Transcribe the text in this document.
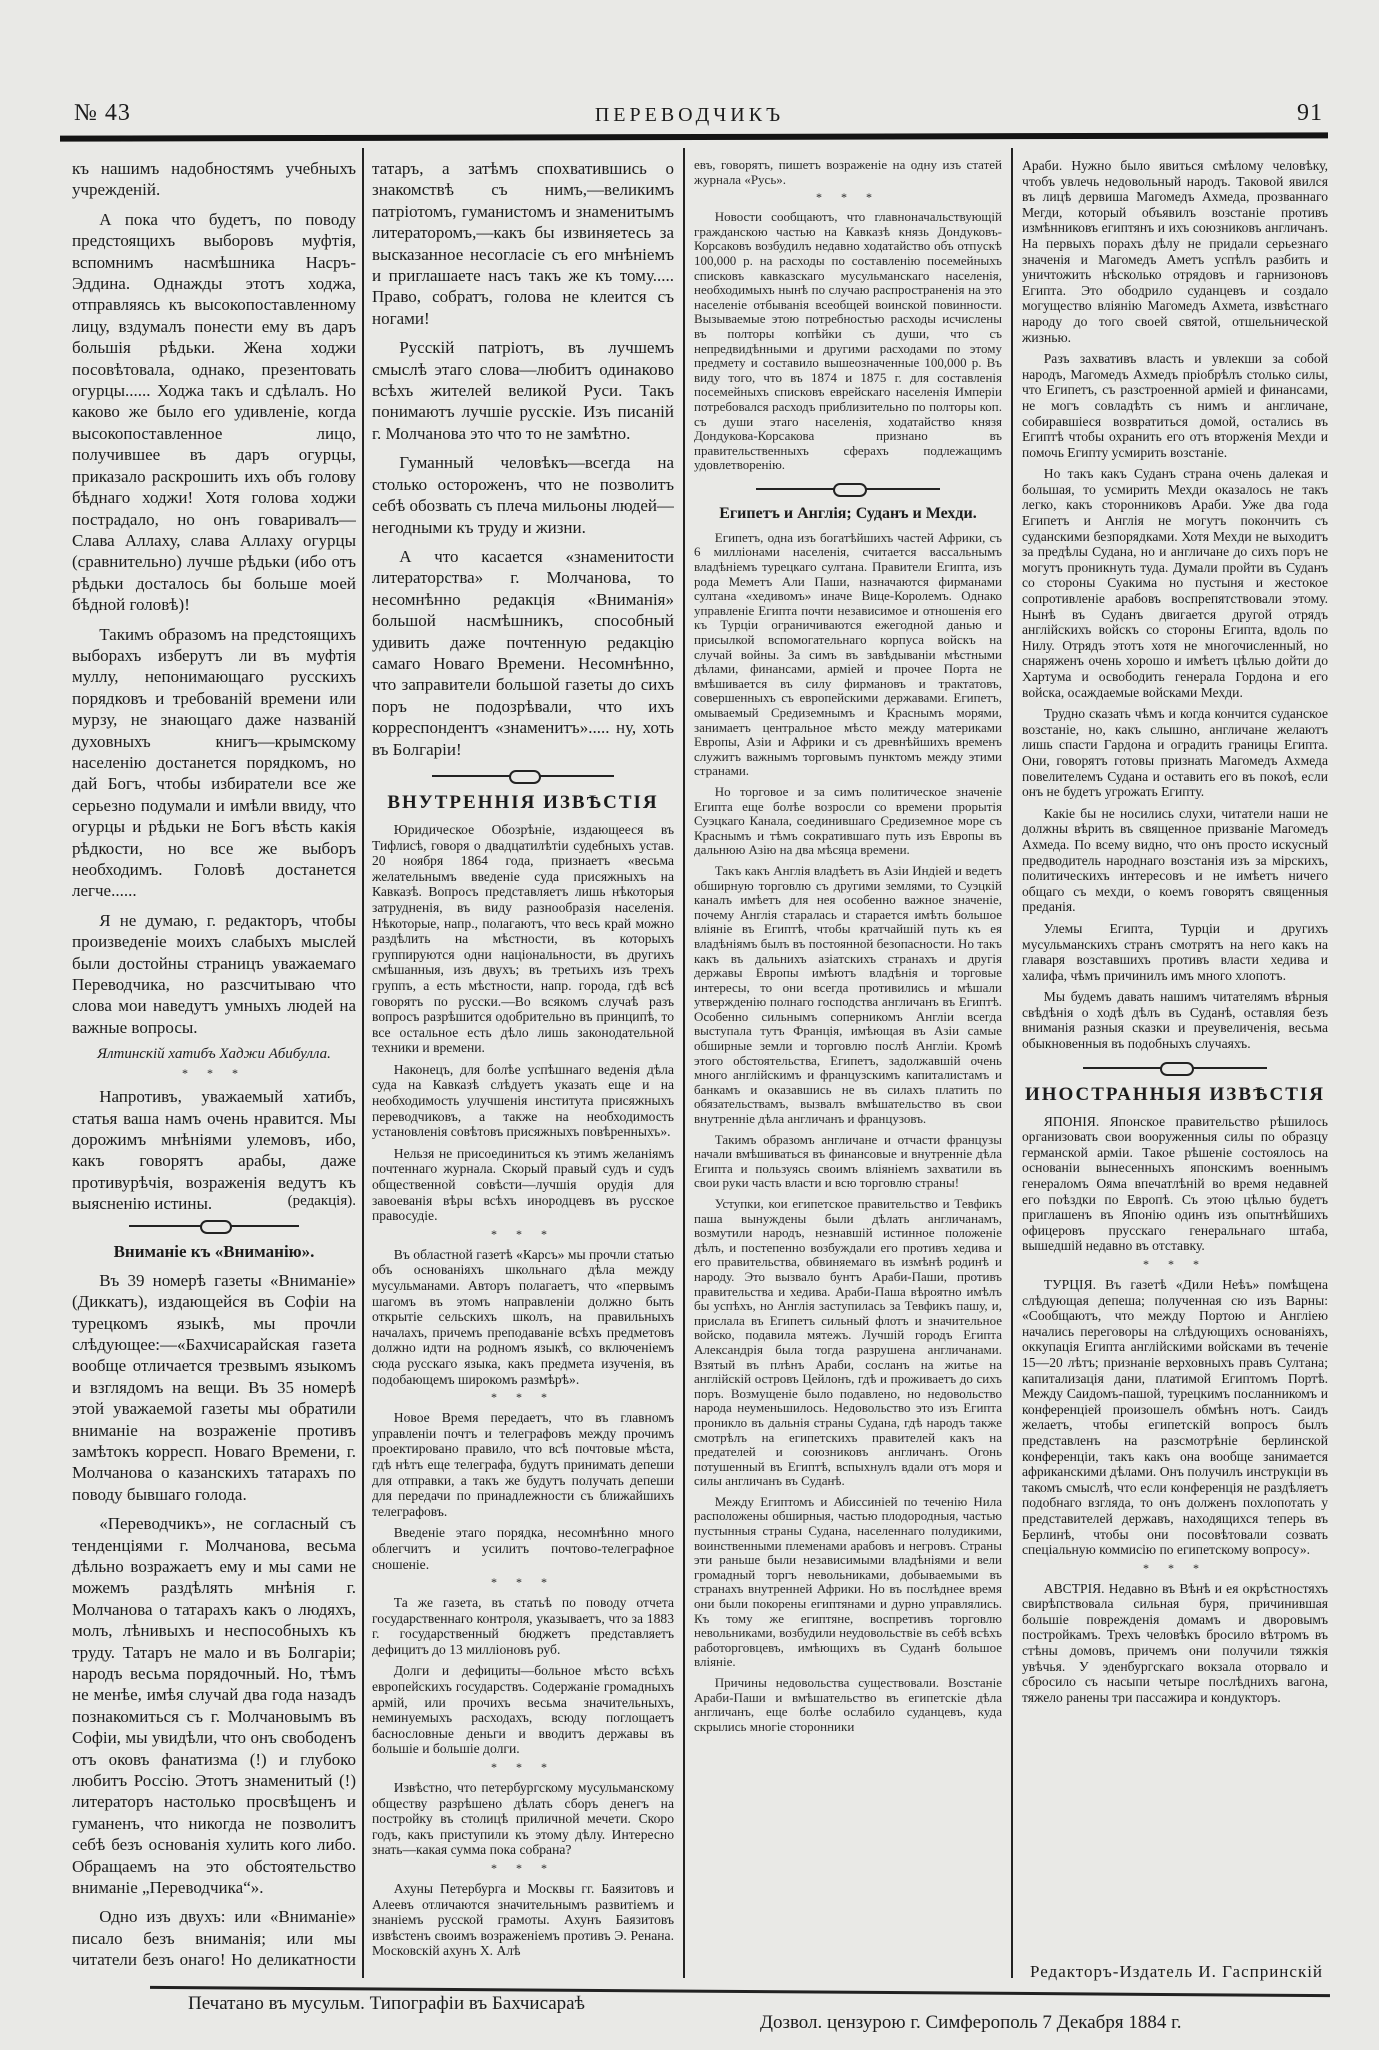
№ 43	ПЕРЕВОДЧИКЪ	91

къ нашимъ надобностямъ учебныхъ учрежденій.

А пока что будетъ, по поводу предстоящихъ выборовъ муфтія, вспомнимъ насмѣшника Насръ-Эддина. Однажды этотъ ходжа, отправляясь къ высокопоставленному лицу, вздумалъ понести ему въ даръ большія рѣдьки. Жена ходжи посовѣтовала, однако, презентовать огурцы...... Ходжа такъ и сдѣлалъ. Но каково же было его удивленіе, когда высокопоставленное лицо, получившее въ даръ огурцы, приказало раскрошить ихъ объ голову бѣднаго ходжи! Хотя голова ходжи пострадало, но онъ говаривалъ—Слава Аллаху, слава Аллаху огурцы (сравнительно) лучше рѣдьки (ибо отъ рѣдьки досталось бы больше моей бѣдной головѣ)!

Такимъ образомъ на предстоящихъ выборахъ изберутъ ли въ муфтія муллу, непонимающаго русскихъ порядковъ и требованій времени или мурзу, не знающаго даже названій духовныхъ книгъ—крымскому населенію достанется порядкомъ, но дай Богъ, чтобы избиратели все же серьезно подумали и имѣли ввиду, что огурцы и рѣдьки не Богъ вѣсть какія рѣдкости, но все же выборъ необходимъ. Головѣ достанется легче......

Я не думаю, г. редакторъ, чтобы произведеніе моихъ слабыхъ мыслей были достойны страницъ уважаемаго Переводчика, но разсчитываю что слова мои наведутъ умныхъ людей на важные вопросы.

Ялтинскій хатибъ Хаджи Абибулла.
* * *

Напротивъ, уважаемый хатибъ, статья ваша намъ очень нравится. Мы дорожимъ мнѣніями улемовъ, ибо, какъ говорятъ арабы, даже противурѣчія, возраженія ведутъ къ выясненію истины.	(редакція).
Вниманіе къ «Вниманію».

Въ 39 номерѣ газеты «Вниманіе» (Диккатъ), издающейся въ Софіи на турецкомъ языкѣ, мы прочли слѣдующее:—«Бахчисарайская газета вообще отличается трезвымъ языкомъ и взглядомъ на вещи. Въ 35 номерѣ этой уважаемой газеты мы обратили вниманіе на возраженіе противъ замѣтокъ корресп. Новаго Времени, г. Молчанова о казанскихъ татарахъ по поводу бывшаго голода.

«Переводчикъ», не согласный съ тенденціями г. Молчанова, весьма дѣльно возражаетъ ему и мы сами не можемъ раздѣлять мнѣнія г. Молчанова о татарахъ какъ о людяхъ, молъ, лѣнивыхъ и неспособныхъ къ труду. Татаръ не мало и въ Болгаріи; народъ весьма порядочный. Но, тѣмъ не менѣе, имѣя случай два года назадъ познакомиться съ г. Молчановымъ въ Софіи, мы увидѣли, что онъ свободенъ отъ оковъ фанатизма (!) и глубоко любитъ Россію. Этотъ знаменитый (!) литераторъ настолько просвѣщенъ и гуманенъ, что никогда не позволитъ себѣ безъ основанія хулить кого либо. Обращаемъ на это обстоятельство вниманіе „Переводчика“».

Одно изъ двухъ: или «Вниманіе» писало безъ вниманія; или мы читатели безъ онаго! Но деликатности

татаръ, а затѣмъ спохватившись о знакомствѣ съ нимъ,—великимъ патріотомъ, гуманистомъ и знаменитымъ литераторомъ,—какъ бы извиняетесь за высказанное несогласіе съ его мнѣніемъ и приглашаете насъ такъ же къ тому..... Право, собратъ, голова не клеится съ ногами!

Русскій патріотъ, въ лучшемъ смыслѣ этаго слова—любитъ одинаково всѣхъ жителей великой Руси. Такъ понимаютъ лучшіе русскіе. Изъ писаній г. Молчанова это что то не замѣтно.

Гуманный человѣкъ—всегда на столько остороженъ, что не позволитъ себѣ обозвать съ плеча мильоны людей—негодными къ труду и жизни.

А что касается «знаменитости литераторства» г. Молчанова, то несомнѣнно редакція «Вниманія» большой насмѣшникъ, способный удивить даже почтенную редакцію самаго Новаго Времени. Несомнѣнно, что заправители большой газеты до сихъ поръ не подозрѣвали, что ихъ корреспондентъ «знаменитъ»..... ну, хоть въ Болгаріи!

ВНУТРЕННІЯ ИЗВѢСТІЯ

Юридическое Обозрѣніе, издающееся въ Тифлисѣ, говоря о двадцатилѣтіи судебныхъ устав. 20 ноября 1864 года, признаетъ «весьма желательнымъ введеніе суда присяжныхъ на Кавказѣ. Вопросъ представляетъ лишь нѣкоторыя затрудненія, въ виду разнообразія населенія. Нѣкоторые, напр., полагаютъ, что весь край можно раздѣлить на мѣстности, въ которыхъ группируются одни національности, въ другихъ смѣшанныя, изъ двухъ; въ третьихъ изъ трехъ группъ, а есть мѣстности, напр. города, гдѣ всѣ говорятъ по русски.—Во всякомъ случаѣ разъ вопросъ разрѣшится одобрительно въ принципѣ, то все остальное есть дѣло лишь законодательной техники и времени.

Наконецъ, для болѣе успѣшнаго веденія дѣла суда на Кавказѣ слѣдуетъ указать еще и на необходимость улучшенія института присяжныхъ переводчиковъ, а также на необходимость установленія совѣтовъ присяжныхъ повѣренныхъ».

Нельзя не присоединиться къ этимъ желаніямъ почтеннаго журнала. Скорый правый судъ и судъ общественной совѣсти—лучшія орудія для завоеванія вѣры всѣхъ инородцевъ въ русское правосудіе.

* * *

Въ областной газетѣ «Карсъ» мы прочли статью объ основаніяхъ школьнаго дѣла между мусульманами. Авторъ полагаетъ, что «первымъ шагомъ въ этомъ направленіи должно быть открытіе сельскихъ школъ, на правильныхъ началахъ, причемъ преподаваніе всѣхъ предметовъ должно идти на родномъ языкѣ, со включеніемъ сюда русскаго языка, какъ предмета изученія, въ подобающемъ широкомъ размѣрѣ».

* * *

Новое Время передаетъ, что въ главномъ управленіи почтъ и телеграфовъ между прочимъ проектировано правило, что всѣ почтовые мѣста, гдѣ нѣтъ еще телеграфа, будутъ принимать депеши для отправки, а такъ же будутъ получать депеши для передачи по принадлежности съ ближайшихъ телеграфовъ.

Введеніе этаго порядка, несомнѣнно много облегчитъ и усилитъ почтово-телеграфное сношеніе.

* * *

Та же газета, въ статьѣ по поводу отчета государственнаго контроля, указываетъ, что за 1883 г. государственный бюджетъ представляетъ дефицитъ до 13 милліоновъ руб.

Долги и дефициты—больное мѣсто всѣхъ европейскихъ государствъ. Содержаніе громадныхъ армій, или прочихъ весьма значительныхъ, неминуемыхъ расходахъ, всюду поглощаетъ баснословные деньги и вводитъ державы въ большіе и большіе долги.

* * *

Извѣстно, что петербургскому мусульманскому обществу разрѣшено дѣлать сборъ денегъ на постройку въ столицѣ приличной мечети. Скоро годъ, какъ приступили къ этому дѣлу. Интересно знать—какая сумма пока собрана?

* * *

Ахуны Петербурга и Москвы гг. Баязитовъ и Алеевъ отличаются значительнымъ развитіемъ и знаніемъ русской грамоты. Ахунъ Баязитовъ извѣстенъ своимъ возраженіемъ противъ Э. Ренана. Московскій ахунъ Х. Алѣ

евъ, говорятъ, пишетъ возраженіе на одну изъ статей журнала «Русь».

* * *

Новости сообщаютъ, что главноначальствующій гражданскою частью на Кавказѣ князь Дондуковъ-Корсаковъ возбудилъ недавно ходатайство объ отпускѣ 100,000 р. на расходы по составленію посемейныхъ списковъ кавказскаго мусульманскаго населенія, необходимыхъ нынѣ по случаю распространенія на это населеніе отбыванія всеобщей воинской повинности. Вызываемые этою потребностью расходы исчислены въ полторы копѣйки съ души, что съ непредвидѣнными и другими расходами по этому предмету и составило вышеозначенные 100,000 р. Въ виду того, что въ 1874 и 1875 г. для составленія посемейныхъ списковъ еврейскаго населенія Имперіи потребовался расходъ приблизительно по полторы коп. съ души этаго населенія, ходатайство князя Дондукова-Корсакова признано въ правительственныхъ сферахъ подлежащимъ удовлетворенію.

Египетъ и Англія; Суданъ и Мехди.

Египетъ, одна изъ богатѣйшихъ частей Африки, съ 6 милліонами населенія, считается вассальнымъ владѣніемъ турецкаго султана. Правители Египта, изъ рода Меметъ Али Паши, назначаются фирманами султана «хедивомъ» иначе Вице-Королемъ. Однако управленіе Египта почти независимое и отношенія его къ Турціи ограничиваются ежегодной данью и присылкой вспомогательнаго корпуса войскъ на случай войны. За симъ въ завѣдываніи мѣстными дѣлами, финансами, арміей и прочее Порта не вмѣшивается въ силу фирмановъ и трактатовъ, совершенныхъ съ европейскими державами. Египетъ, омываемый Средиземнымъ и Краснымъ морями, занимаетъ центральное мѣсто между материками Европы, Азіи и Африки и съ древнѣйшихъ временъ служитъ важнымъ торговымъ пунктомъ между этими странами.

Но торговое и за симъ политическое значеніе Египта еще болѣе возросли со времени прорытія Суэцкаго Канала, соединившаго Средиземное море съ Краснымъ и тѣмъ сократившаго путь изъ Европы въ дальнюю Азію на два мѣсяца времени.

Такъ какъ Англія владѣетъ въ Азіи Индіей и ведетъ обширную торговлю съ другими землями, то Суэцкій каналъ имѣетъ для нея особенно важное значеніе, почему Англія старалась и старается имѣть большое вліяніе въ Египтѣ, чтобы кратчайшій путь къ ея владѣніямъ былъ въ постоянной безопасности. Но такъ какъ въ дальнихъ азіатскихъ странахъ и другія державы Европы имѣютъ владѣнія и торговые интересы, то они всегда противились и мѣшали утвержденію полнаго господства англичанъ въ Египтѣ. Особенно сильнымъ соперникомъ Англіи всегда выступала тутъ Франція, имѣющая въ Азіи самые обширные земли и торговлю послѣ Англіи. Кромѣ этого обстоятельства, Египетъ, задолжавшій очень много англійскимъ и французскимъ капиталистамъ и банкамъ и оказавшись не въ силахъ платить по обязательствамъ, вызвалъ вмѣшательство въ свои внутренніе дѣла англичанъ и французовъ.

Такимъ образомъ англичане и отчасти французы начали вмѣшиваться въ финансовые и внутренніе дѣла Египта и пользуясь своимъ вліяніемъ захватили въ свои руки часть власти и всю торговлю страны!

Уступки, кои египетское правительство и Тевфикъ паша вынуждены были дѣлать англичанамъ, возмутили народъ, незнавшій истинное положеніе дѣлъ, и постепенно возбуждали его противъ хедива и его правительства, обвиняемаго въ измѣнѣ родинѣ и народу. Это вызвало бунтъ Араби-Паши, противъ правительства и хедива. Араби-Паша вѣроятно имѣлъ бы успѣхъ, но Англія заступилась за Тевфикъ пашу, и, прислала въ Египетъ сильный флотъ и значительное войско, подавила мятежъ. Лучшій городъ Египта Александрія была тогда разрушена англичанами. Взятый въ плѣнъ Араби, сосланъ на житье на англійскій островъ Цейлонъ, гдѣ и проживаетъ до сихъ поръ. Возмущеніе было подавлено, но недовольство народа неуменьшилось. Недовольство это изъ Египта проникло въ дальнія страны Судана, гдѣ народъ также смотрѣлъ на египетскихъ правителей какъ на предателей и союзниковъ англичанъ. Огонь потушенный въ Египтѣ, вспыхнулъ вдали отъ моря и силы англичанъ въ Суданѣ.

Между Египтомъ и Абиссиніей по теченію Нила расположены обширныя, частью плодородныя, частью пустынныя страны Судана, населеннаго полудикими, воинственными племенами арабовъ и негровъ. Страны эти раньше были независимыми владѣніями и вели громадный торгъ невольниками, добываемыми въ странахъ внутренней Африки. Но въ послѣднее время они были покорены египтянами и дурно управлялись. Къ тому же египтяне, воспретивъ торговлю невольниками, возбудили неудовольствіе въ себѣ всѣхъ работорговцевъ, имѣющихъ въ Суданѣ большое вліяніе.

Причины недовольства существовали. Возстаніе Араби-Паши и вмѣшательство въ египетскіе дѣла англичанъ, еще болѣе ослабило суданцевъ, куда скрылись многіе сторонники

Араби. Нужно было явиться смѣлому человѣку, чтобъ увлечь недовольный народъ. Таковой явился въ лицѣ дервиша Магомедъ Ахмеда, прозваннаго Мегди, который объявилъ возстаніе противъ измѣнниковъ египтянъ и ихъ союзниковъ англичанъ. На первыхъ порахъ дѣлу не придали серьезнаго значенія и Магомедъ Аметъ успѣлъ разбить и уничтожить нѣсколько отрядовъ и гарнизоновъ Египта. Это ободрило суданцевъ и создало могущество вліянію Магомедъ Ахмета, извѣстнаго народу до того своей святой, отшельнической жизнью.

Разъ захвативъ власть и увлекши за собой народъ, Магомедъ Ахмедъ пріобрѣлъ столько силы, что Египетъ, съ разстроенной арміей и финансами, не могъ совладѣть съ нимъ и англичане, собиравшіеся возвратиться домой, остались въ Египтѣ чтобы охранить его отъ вторженія Мехди и помочь Египту усмирить возстаніе.

Но такъ какъ Суданъ страна очень далекая и большая, то усмирить Мехди оказалось не такъ легко, какъ сторонниковъ Араби. Уже два года Египетъ и Англія не могутъ покончить съ суданскими безпорядками. Хотя Мехди не выходитъ за предѣлы Судана, но и англичане до сихъ поръ не могутъ проникнуть туда. Думали пройти въ Суданъ со стороны Суакима но пустыня и жестокое сопротивленіе арабовъ воспрепятствовали этому. Нынѣ въ Суданъ двигается другой отрядъ англійскихъ войскъ со стороны Египта, вдоль по Нилу. Отрядъ этотъ хотя не многочисленный, но снаряженъ очень хорошо и имѣетъ цѣлью дойти до Хартума и освободить генерала Гордона и его войска, осаждаемые войсками Мехди.

Трудно сказать чѣмъ и когда кончится суданское возстаніе, но, какъ слышно, англичане желаютъ лишь спасти Гардона и оградить границы Египта. Они, говорятъ готовы признать Магомедъ Ахмеда повелителемъ Судана и оставить его въ покоѣ, если онъ не будетъ угрожать Египту.

Какіе бы не носились слухи, читатели наши не должны вѣрить въ священное призваніе Магомедъ Ахмеда. По всему видно, что онъ просто искусный предводитель народнаго возстанія изъ за мірскихъ, политическихъ интересовъ и не имѣетъ ничего общаго съ мехди, о коемъ говорятъ священныя преданія.

Улемы Египта, Турціи и другихъ мусульманскихъ странъ смотрятъ на него какъ на главаря возставшихъ противъ власти хедива и халифа, чѣмъ причинилъ имъ много хлопотъ.

Мы будемъ давать нашимъ читателямъ вѣрныя свѣдѣнія о ходѣ дѣлъ въ Суданѣ, оставляя безъ вниманія разныя сказки и преувеличенія, весьма обыкновенныя въ подобныхъ случаяхъ.

ИНОСТРАННЫЯ ИЗВѢСТІЯ

ЯПОНІЯ. Японское правительство рѣшилось организовать свои вооруженныя силы по образцу германской арміи. Такое рѣшеніе состоялось на основаніи вынесенныхъ японскимъ военнымъ генераломъ Ояма впечатлѣній во время недавней его поѣздки по Европѣ. Съ этою цѣлью будетъ приглашенъ въ Японію одинъ изъ опытнѣйшихъ офицеровъ прусскаго генеральнаго штаба, вышедшій недавно въ отставку.

* * *

ТУРЦІЯ. Въ газетѣ «Дили Неѣъ» помѣщена слѣдующая депеша; полученная сю изъ Варны: «Сообщаютъ, что между Портою и Англіею начались переговоры на слѣдующихъ основаніяхъ, оккупація Египта англійскими войсками въ теченіе 15—20 лѣтъ; признаніе верховныхъ правъ Султана; капитализація дани, платимой Египтомъ Портѣ. Между Саидомъ-пашой, турецкимъ посланникомъ и конференціей произошелъ обмѣнъ нотъ. Саидъ желаетъ, чтобы египетскій вопросъ былъ представленъ на разсмотрѣніе берлинской конференціи, такъ какъ она вообще занимается африканскими дѣлами. Онъ получилъ инструкціи въ такомъ смыслѣ, что если конференція не раздѣляетъ подобнаго взгляда, то онъ долженъ похлопотать у представителей державъ, находящихся теперь въ Берлинѣ, чтобы они посовѣтовали созвать спеціальную коммисію по египетскому вопросу».

* * *

АВСТРІЯ. Недавно въ Вѣнѣ и ея окрѣстностяхъ свирѣпствовала сильная буря, причинившая большіе поврежденія домамъ и дворовымъ постройкамъ. Трехъ человѣкъ бросило вѣтромъ въ стѣны домовъ, причемъ они получили тяжкія увѣчья. У эденбургскаго вокзала оторвало и сбросило съ насыпи четыре послѣднихъ вагона, тяжело ранены три пассажира и кондукторъ.

Редакторъ-Издатель И. Гаспринскій
Печатано въ мусульм. Типографіи въ Бахчисараѣ
Дозвол. цензурою г. Симферополь 7 Декабря 1884 г.
